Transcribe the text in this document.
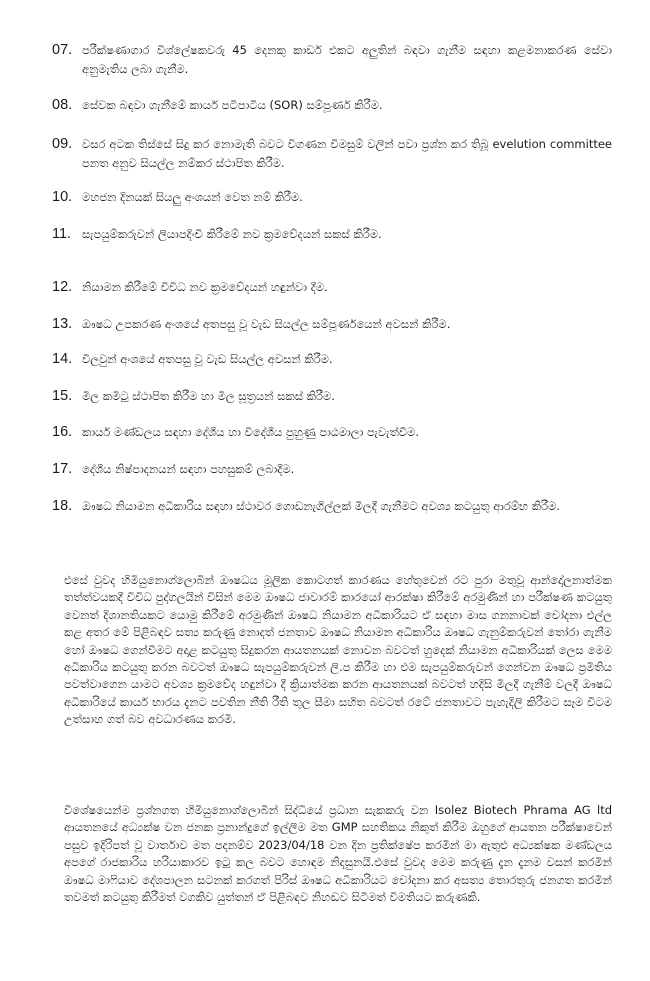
07. පරීක්ෂණාගාර විශ්ලේෂකවරු 45 දෙනකු කාඩර් එකට අලුතින් බඳවා ගැනීම සඳහා කළමනාකරණ සේවා අනුමැතිය ලබා ගැනීම.
08. සේවක බඳවා ගැනීමේ කාර්ය පටිපාටිය (SOR) සම්පූර්ණ කිරීම.
09. වසර අටක තිස්සේ සිදු කර නොමැති බවට විගණන විමසුම් වලින් පවා ප්‍රශ්න කර තිබූ evelution committee පනත අනුව සියල්ල නම්කර ස්ථාපිත කිරීම.
10. මහජන දිනයක් සියලු අංශයන් වෙත නම් කිරීම.
11. සැපයුම්කරුවන් ලියාපදිංචි කිරීමේ නව ක්‍රමවේදයන් සකස් කිරීම.
12. නියාමන කිරීමේ විවිධ නව ක්‍රමවේදයන් හඳුන්වා දීම.
13. ඖෂධ උපකරණ අංශයේ අතපසු වූ වැඩ සියල්ල සම්පූර්ණයෙන් අවසන් කිරීම.
14. විලවුන් අංශයේ අතපසු වූ වැඩ සියල්ල අවසන් කිරීම.
15. මිල කමිටු ස්ථාපිත කිරීම හා මිල සූත්‍රයන් සකස් කිරීම.
16. කාර්ය මණ්ඩලය සඳහා දේශීය හා විදේශීය පුහුණු පාඨමාලා පැවැත්වීම.
17. දේශීය නිෂ්පාදනයන් සඳහා පහසුකම් ලබාදීම.
18. ඖෂධ නියාමන අධිකාරිය සඳහා ස්ථාවර ගොඩනැගිල්ලක් මිලදී ගැනීමට අවශ්‍ය කටයුතු ආරම්භ කිරීම.

එසේ වුවද හිමියුනොග්ලොබින් ඖෂධය මූලික කොටගත් කාරණය හේතුවෙන් රට පුරා මතුවූ ආන්දෝලනාත්මක තත්ත්වයකදී විවිධ පුද්ගලයින් විසින් මෙම ඖෂධ ජාවාරම් කාරයෝ ආරක්ෂා කිරීමේ අරමුණින් හා පරීක්ෂණ කටයුතු වෙනත් දිශානතියකට යොමු කිරීමේ අරමුණින් ඖෂධ නියාමන අධිකාරියට ඒ සඳහා මාස ගනනාවක් චෝදනා එල්ල කළ අතර මේ පිළිබඳව සත්‍ය කරුණු නොදත් ජනතාව ඖෂධ නියාමන අධිකාරිය ඖෂධ ගැනුම්කරුවන් තෝරා ගැනීම හෝ ඖෂධ ගෙන්වීමට අදාළ කටයුතු සිදුකරන ආයතනයක් නොවන බවටත් හුදෙක් නියාමන අධිකාරියක් ලෙස මෙම අධිකාරිය කටයුතු කරන බවටත් ඖෂධ සැපයුම්කරුවන් ලි.ප කිරීම හා එම සැපයුම්කරුවන් ගෙන්වන ඖෂධ ප්‍රමිතිය පවත්වාගෙන යාමට අවශ්‍ය ක්‍රමවේද හඳුන්වා දී ක්‍රියාත්මක කරන ආයතනයක් බවටත් හදිසි මිලදී ගැනීම් වලදී ඖෂධ අධිකාරියේ කාර්ය භාරය දැනට පවතින නීති රීති තුල සීමා සහිත බවටත් රටේ ජනතාවට පැහැදිලි කිරීමට සෑම විටම උත්සාහ ගත් බව අවධාරණය කරමි.

විශේෂයෙන්ම ප්‍රශ්නගත හිමියුනොග්ලොබින් සිද්ධියේ ප්‍රධාන සැකකරු වන Isolez Biotech Phrama AG ltd ආයතනයේ අධ්‍යක්ෂ වන ජනක ප්‍රනාන්දුගේ ඉල්ලීම මත GMP සහතිකය නිකුත් කිරීම ඔහුගේ ආයතන පරීක්ෂාවෙන් පසුව ඉදිරිපත් වූ වාර්තාව මත පදනම්ව 2023/04/18 වන දින ප්‍රතික්ෂේප කරමින් මා ඇතුළු අධ්‍යක්ෂක මණ්ඩලය අපගේ රාජකාරිය හරියාකාරව ඉටු කල බවට හොඳම නිදසුනයි.එසේ වුවද මෙම කරුණු දැන දැනම වසන් කරමින් ඖෂධ මාෆියාව දේශපාලන සටනක් කරගත් පිරිස් ඖෂධ අධිකාරියට චෝදනා කර අසත්‍ය තොරතුරු ජනගත කරමින් තවමත් කටයුතු කිරීමත් වගකිව යුත්තන් ඒ පිළිබඳව නිහඬව සිටීමත් විමතියට කරුණකි.
